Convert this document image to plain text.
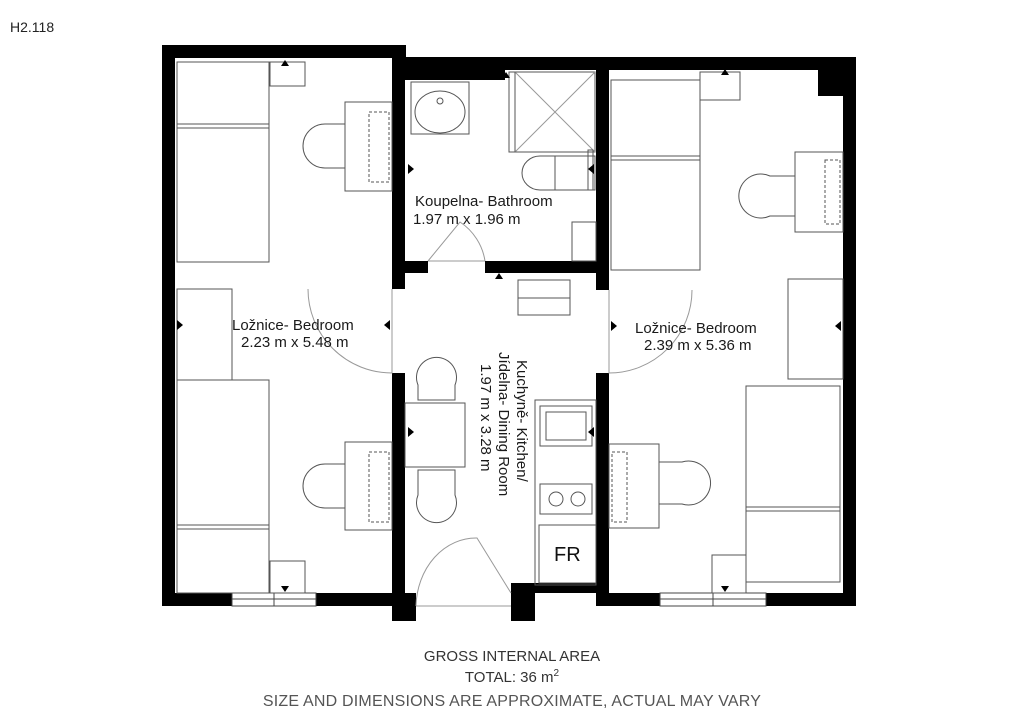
H2.118
Ložnice- Bedroom
2.23 m x 5.48 m
Koupelna- Bathroom
1.97 m x 1.96 m
Kuchyně- Kitchen/
Jídelna- Dining Room
1.97 m x 3.28 m
Ložnice- Bedroom
2.39 m x 5.36 m
FR
GROSS INTERNAL AREA
TOTAL: 36 $m^2$
SIZE AND DIMENSIONS ARE APPROXIMATE, ACTUAL MAY VARY
